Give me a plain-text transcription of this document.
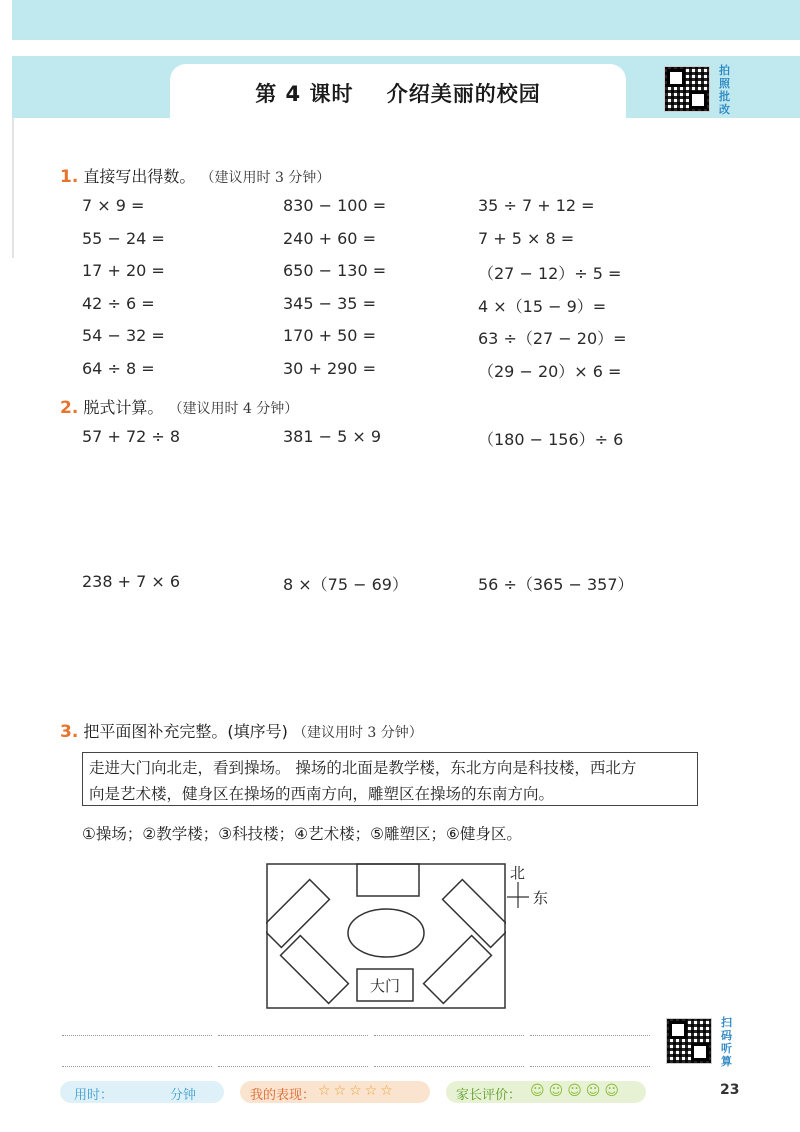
第 4 课时    介绍美丽的校园
拍照批改
1. 直接写出得数。 （建议用时 3 分钟）
7 × 9 =	830 − 100 =	35 ÷ 7 + 12 =
55 − 24 =	240 + 60 =	7 + 5 × 8 =
17 + 20 =	650 − 130 =	（27 − 12）÷ 5 =
42 ÷ 6 =	345 − 35 =	4 ×（15 − 9）=
54 − 32 =	170 + 50 =	63 ÷（27 − 20）=
64 ÷ 8 =	30 + 290 =	（29 − 20）× 6 =
2. 脱式计算。 （建议用时 4 分钟）
57 + 72 ÷ 8	381 − 5 × 9	（180 − 156）÷ 6
238 + 7 × 6	8 ×（75 − 69）	56 ÷（365 − 357）
3. 把平面图补充完整。(填序号) （建议用时 3 分钟）
走进大门向北走，看到操场。 操场的北面是教学楼，东北方向是科技楼，西北方
向是艺术楼，健身区在操场的西南方向，雕塑区在操场的东南方向。
①操场；②教学楼；③科技楼；④艺术楼；⑤雕塑区；⑥健身区。
大门
北
东
扫码听算
用时：	分钟	我的表现： ☆☆☆☆☆	家长评价： ☺☺☺☺☺	23
